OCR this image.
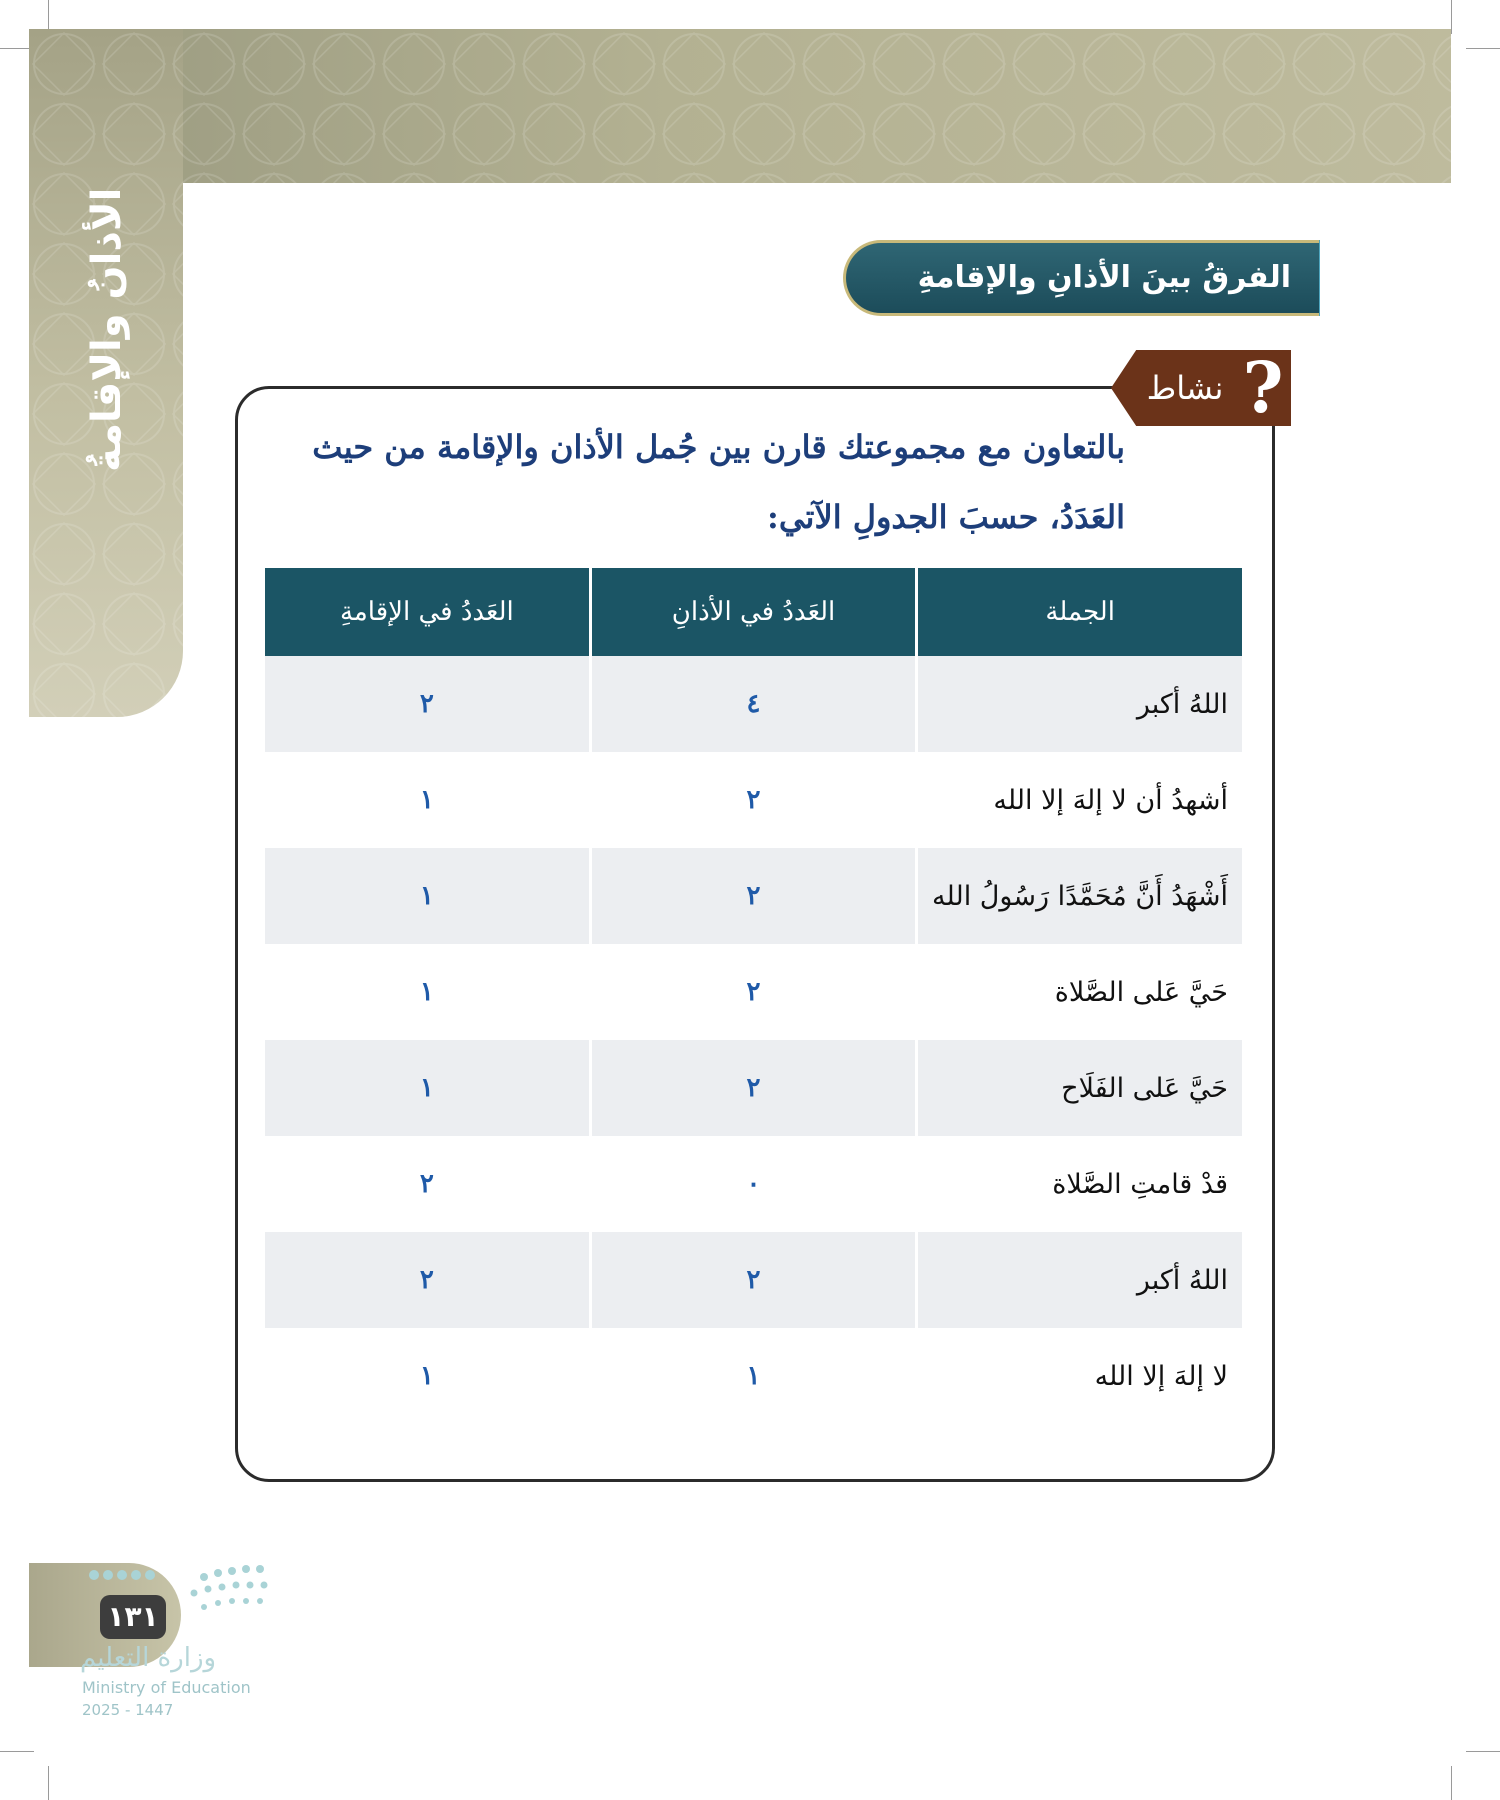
الأذانُ والإقامةُ	الفرقُ بينَ الأذانِ والإقامةِ
نشاط ?
بالتعاون مع مجموعتك قارن بين جُمل الأذان والإقامة من حيث
العَدَدُ، حسبَ الجدولِ الآتي:
الجملة	العَددُ في الأذانِ	العَددُ في الإقامةِ
اللهُ أكبر	٤	٢
أشهدُ أن لا إلهَ إلا الله	٢	١
أَشْهَدُ أَنَّ مُحَمَّدًا رَسُولُ الله	٢	١
حَيَّ عَلى الصَّلاة	٢	١
حَيَّ عَلى الفَلَاح	٢	١
قدْ قامتِ الصَّلاة	٠	٢
اللهُ أكبر	٢	٢
لا إلهَ إلا الله	١	١
١٣١
وزارة التعليم
Ministry of Education
2025 - 1447
